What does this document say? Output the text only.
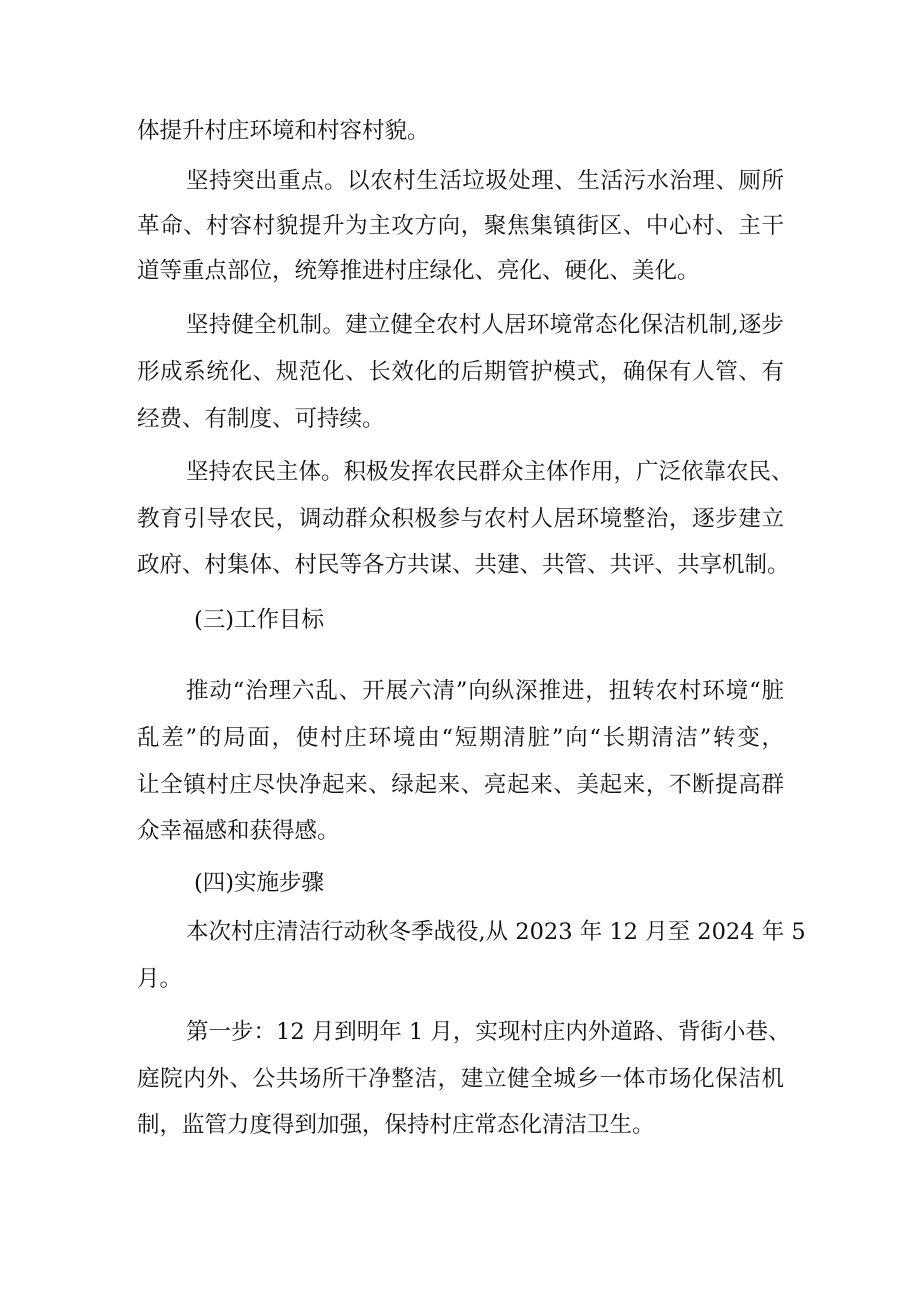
体提升村庄环境和村容村貌。
坚持突出重点。以农村生活垃圾处理、生活污水治理、厕所
革命、村容村貌提升为主攻方向，聚焦集镇街区、中心村、主干
道等重点部位，统筹推进村庄绿化、亮化、硬化、美化。
坚持健全机制。建立健全农村人居环境常态化保洁机制,逐步
形成系统化、规范化、长效化的后期管护模式，确保有人管、有
经费、有制度、可持续。
坚持农民主体。积极发挥农民群众主体作用，广泛依靠农民、
教育引导农民，调动群众积极参与农村人居环境整治，逐步建立
政府、村集体、村民等各方共谋、共建、共管、共评、共享机制。
(三)工作目标
推动“治理六乱、开展六清”向纵深推进，扭转农村环境“脏
乱差”的局面，使村庄环境由“短期清脏”向“长期清洁”转变，
让全镇村庄尽快净起来、绿起来、亮起来、美起来，不断提高群
众幸福感和获得感。
(四)实施步骤
本次村庄清洁行动秋冬季战役,从 2023 年 12 月至 2024 年 5
月。
第一步：12 月到明年 1 月，实现村庄内外道路、背街小巷、
庭院内外、公共场所干净整洁，建立健全城乡一体市场化保洁机
制，监管力度得到加强，保持村庄常态化清洁卫生。
